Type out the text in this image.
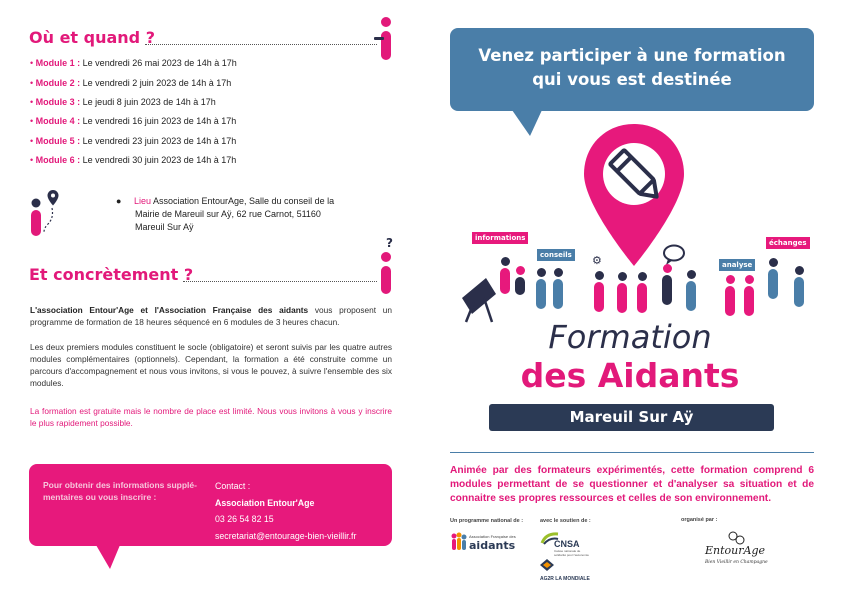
Où et quand ?
• Module 1 : Le vendredi 26 mai 2023 de 14h à 17h
• Module 2 : Le vendredi 2 juin 2023 de 14h à 17h
• Module 3 : Le jeudi 8 juin 2023 de 14h à 17h
• Module 4 : Le vendredi 16 juin 2023 de 14h à 17h
• Module 5 : Le vendredi 23 juin 2023 de 14h à 17h
• Module 6 : Le vendredi 30 juin 2023 de 14h à 17h
●     Lieu Association EntourAge, Salle du conseil de la
Mairie de Mareuil sur Aÿ, 62 rue Carnot, 51160
Mareuil Sur Aÿ
Et concrètement ?
?
L'association Entour'Age et l'Association Française des aidants vous proposent un programme de formation de 18 heures séquencé en 6 modules de 3 heures chacun.
Les deux premiers modules constituent le socle (obligatoire) et seront suivis par les quatre autres modules complémentaires (optionnels). Cependant, la formation a été construite comme un parcours d'accompagnement et nous vous invitons, si vous le pouvez, à suivre l'ensemble des six modules.
La formation est gratuite mais le nombre de place est limité. Nous vous invitons à vous y inscrire le plus rapidement possible.
Pour obtenir des informations supplé-mentaires ou vous inscrire :
Contact :
Association Entour'Age
03 26 54 82 15
secretariat@entourage-bien-vieillir.fr
Venez participer à une formation
qui vous est destinée
informations
conseils
analyse
échanges
⚙
Formation
des Aidants
Mareuil Sur Aÿ
Animée par des formateurs expérimentés, cette formation comprend 6 modules permettant de se questionner et d'analyser sa situation et de connaitre ses propres ressources et celles de son environnement.
Un programme national de :	avec le soutien de :	organisé par :
Association Française des
aidants	CNSA
Caisse nationale de solidarité pour l'autonomie
AG2R LA MONDIALE
EntourAge
Bien Vieillir en Champagne
